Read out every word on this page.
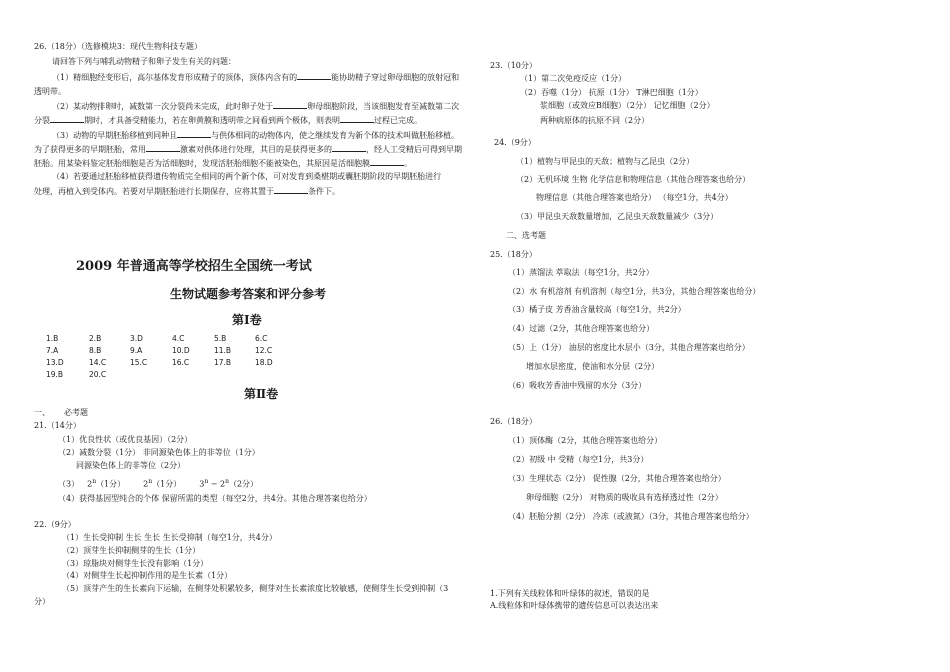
26.（18分）（选修模块3：现代生物科技专题）
请回答下列与哺乳动物精子和卵子发生有关的问题：
（1）精细胞经变形后，高尔基体发育形成精子的顶体，顶体内含有的	能协助精子穿过卵母细胞的放射冠和
透明带。
（2）某动物排卵时，减数第一次分裂尚未完成，此时卵子处于	卵母细胞阶段，当该细胞发育至减数第二次
分裂	期时，才具备受精能力，若在卵黄膜和透明带之间看到两个极体，则表明	过程已完成。
（3）动物的早期胚胎移植到同种且	与供体相同的动物体内，使之继续发育为新个体的技术叫做胚胎移植。
为了获得更多的早期胚胎，常用	激素对供体进行处理，其目的是获得更多的	，经人工受精后可得到早期
胚胎。用某染料鉴定胚胎细胞是否为活细胞时，发现活胚胎细胞不能被染色，其原因是活细胞膜	。
（4）若要通过胚胎移植获得遗传物质完全相同的两个新个体，可对发育到桑椹期或囊胚期阶段的早期胚胎进行
处理，再植入到受体内。若要对早期胚胎进行长期保存，应将其置于	条件下。
2009 年普通高等学校招生全国统一考试
生物试题参考答案和评分参考
第Ⅰ卷
1.B	2.B	3.D	4.C	5.B	6.C
7.A	8.B	9.A	10.D	11.B	12.C
13.D	14.C	15.C	16.C	17.B	18.D
19.B	20.C
第Ⅱ卷
一、 必考题
21.（14分）
（1）优良性状（或优良基因）（2分）
（2）减数分裂（1分） 非同源染色体上的非等位（1分）
同源染色体上的非等位（2分）
（3） 2$^n$（1分） 2$^n$（1分） $3^n - 2^n(2$分）
（4）获得基因型纯合的个体 保留所需的类型（每空2分，共4分。其他合理答案也给分）
22.（9分）
（1）生长受抑制 生长 生长 生长受抑制（每空1分，共4分）
（2）顶芽生长抑制侧芽的生长（1分）
（3）琼脂块对侧芽生长没有影响（1分）
（4）对侧芽生长起抑制作用的是生长素（1分）
（5）顶芽产生的生长素向下运输，在侧芽处积累较多，侧芽对生长素浓度比较敏感，使侧芽生长受到抑制（3
分）
23.（10分）
（1）第二次免疫反应（1分）
（2）吞噬（1分） 抗原（1分） T淋巴细胞（1分）
浆细胞（或效应B细胞）（2分） 记忆细胞（2分）
两种病原体的抗原不同（2分）
24.（9分）
（1）植物与甲昆虫的天敌；植物与乙昆虫（2分）
（2）无机环境 生物 化学信息和物理信息（其他合理答案也给分）
物理信息（其他合理答案也给分） （每空1分，共4分）
（3）甲昆虫天敌数量增加，乙昆虫天敌数量减少（3分）
二、选考题
25.（18分）
（1）蒸馏法 萃取法（每空1分，共2分）
（2）水 有机溶剂 有机溶剂（每空1分，共3分，其他合理答案也给分）
（3）橘子皮 芳香油含量较高（每空1分，共2分）
（4）过滤（2分，其他合理答案也给分）
（5）上（1分） 油层的密度比水层小（3分，其他合理答案也给分）
增加水层密度，使油和水分层（2分）
（6）吸收芳香油中残留的水分（3分）
26.（18分）
（1）顶体酶（2分，其他合理答案也给分）
（2）初级 中 受精（每空1分，共3分）
（3）生理状态（2分） 促性腺（2分，其他合理答案也给分）
卵母细胞（2分） 对物质的吸收具有选择透过性（2分）
（4）胚胎分割（2分） 冷冻（或液氮）（3分，其他合理答案也给分）
1.下列有关线粒体和叶绿体的叙述，错误的是
A.线粒体和叶绿体携带的遗传信息可以表达出来
